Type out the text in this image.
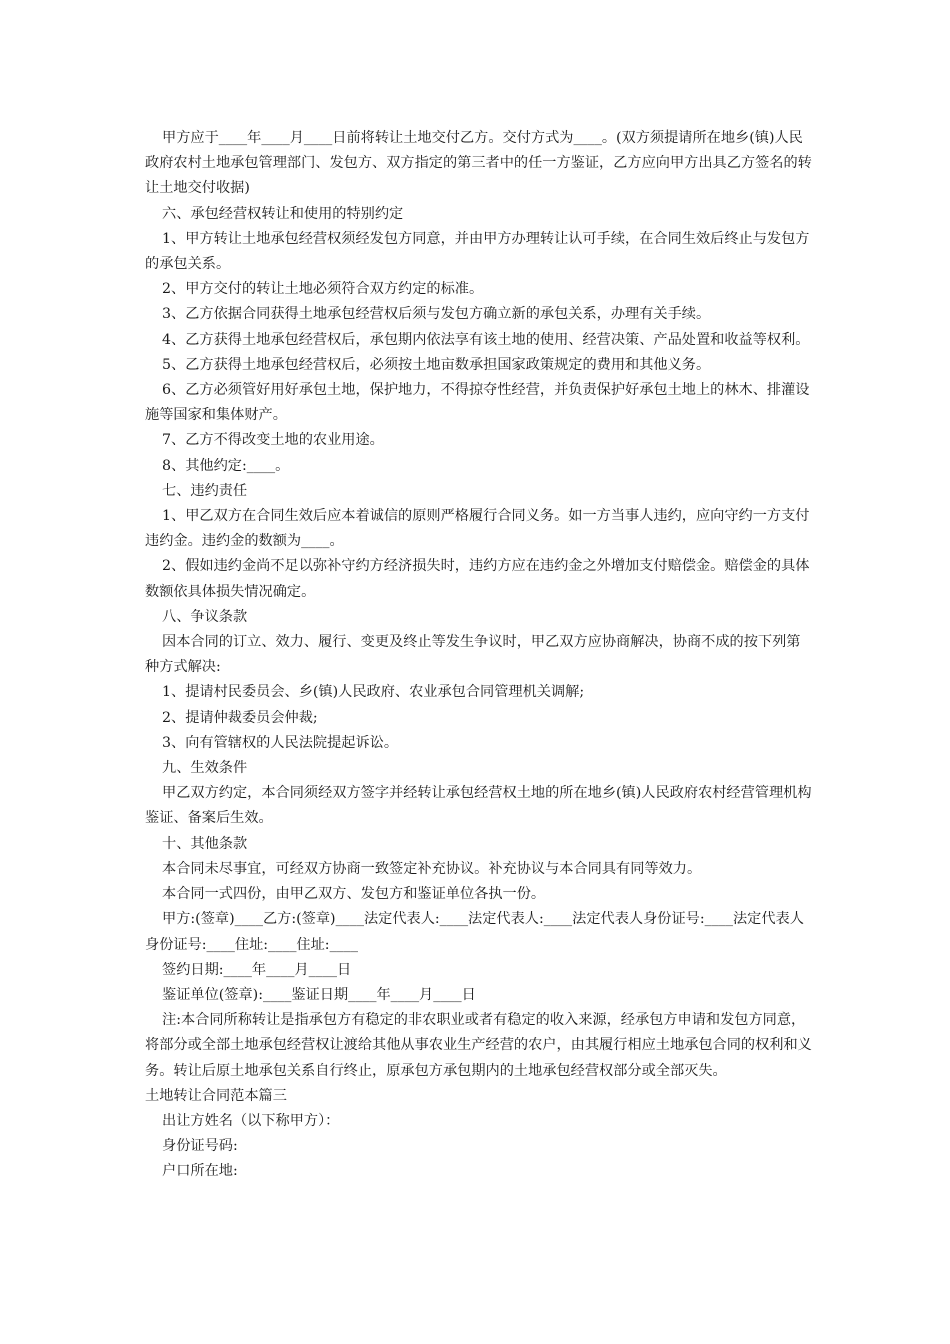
甲方应于____年____月____日前将转让土地交付乙方。交付方式为____。(双方须提请所在地乡(镇)人民政府农村土地承包管理部门、发包方、双方指定的第三者中的任一方鉴证，乙方应向甲方出具乙方签名的转让土地交付收据)

六、承包经营权转让和使用的特别约定

1、甲方转让土地承包经营权须经发包方同意，并由甲方办理转让认可手续，在合同生效后终止与发包方的承包关系。

2、甲方交付的转让土地必须符合双方约定的标准。

3、乙方依据合同获得土地承包经营权后须与发包方确立新的承包关系，办理有关手续。

4、乙方获得土地承包经营权后，承包期内依法享有该土地的使用、经营决策、产品处置和收益等权利。

5、乙方获得土地承包经营权后，必须按土地亩数承担国家政策规定的费用和其他义务。

6、乙方必须管好用好承包土地，保护地力，不得掠夺性经营，并负责保护好承包土地上的林木、排灌设施等国家和集体财产。

7、乙方不得改变土地的农业用途。

8、其他约定:____。

七、违约责任

1、甲乙双方在合同生效后应本着诚信的原则严格履行合同义务。如一方当事人违约，应向守约一方支付违约金。违约金的数额为____。

2、假如违约金尚不足以弥补守约方经济损失时，违约方应在违约金之外增加支付赔偿金。赔偿金的具体数额依具体损失情况确定。

八、争议条款

因本合同的订立、效力、履行、变更及终止等发生争议时，甲乙双方应协商解决，协商不成的按下列第 种方式解决:

1、提请村民委员会、乡(镇)人民政府、农业承包合同管理机关调解;

2、提请仲裁委员会仲裁;

3、向有管辖权的人民法院提起诉讼。

九、生效条件

甲乙双方约定，本合同须经双方签字并经转让承包经营权土地的所在地乡(镇)人民政府农村经营管理机构鉴证、备案后生效。

十、其他条款

本合同未尽事宜，可经双方协商一致签定补充协议。补充协议与本合同具有同等效力。

本合同一式四份，由甲乙双方、发包方和鉴证单位各执一份。

甲方:(签章)____乙方:(签章)____法定代表人:____法定代表人:____法定代表人身份证号:____法定代表人身份证号:____住址:____住址:____

签约日期:____年____月____日

鉴证单位(签章):____鉴证日期____年____月____日

注:本合同所称转让是指承包方有稳定的非农职业或者有稳定的收入来源，经承包方申请和发包方同意，将部分或全部土地承包经营权让渡给其他从事农业生产经营的农户，由其履行相应土地承包合同的权利和义务。转让后原土地承包关系自行终止，原承包方承包期内的土地承包经营权部分或全部灭失。

土地转让合同范本篇三

出让方姓名（以下称甲方）：

身份证号码:

户口所在地:
